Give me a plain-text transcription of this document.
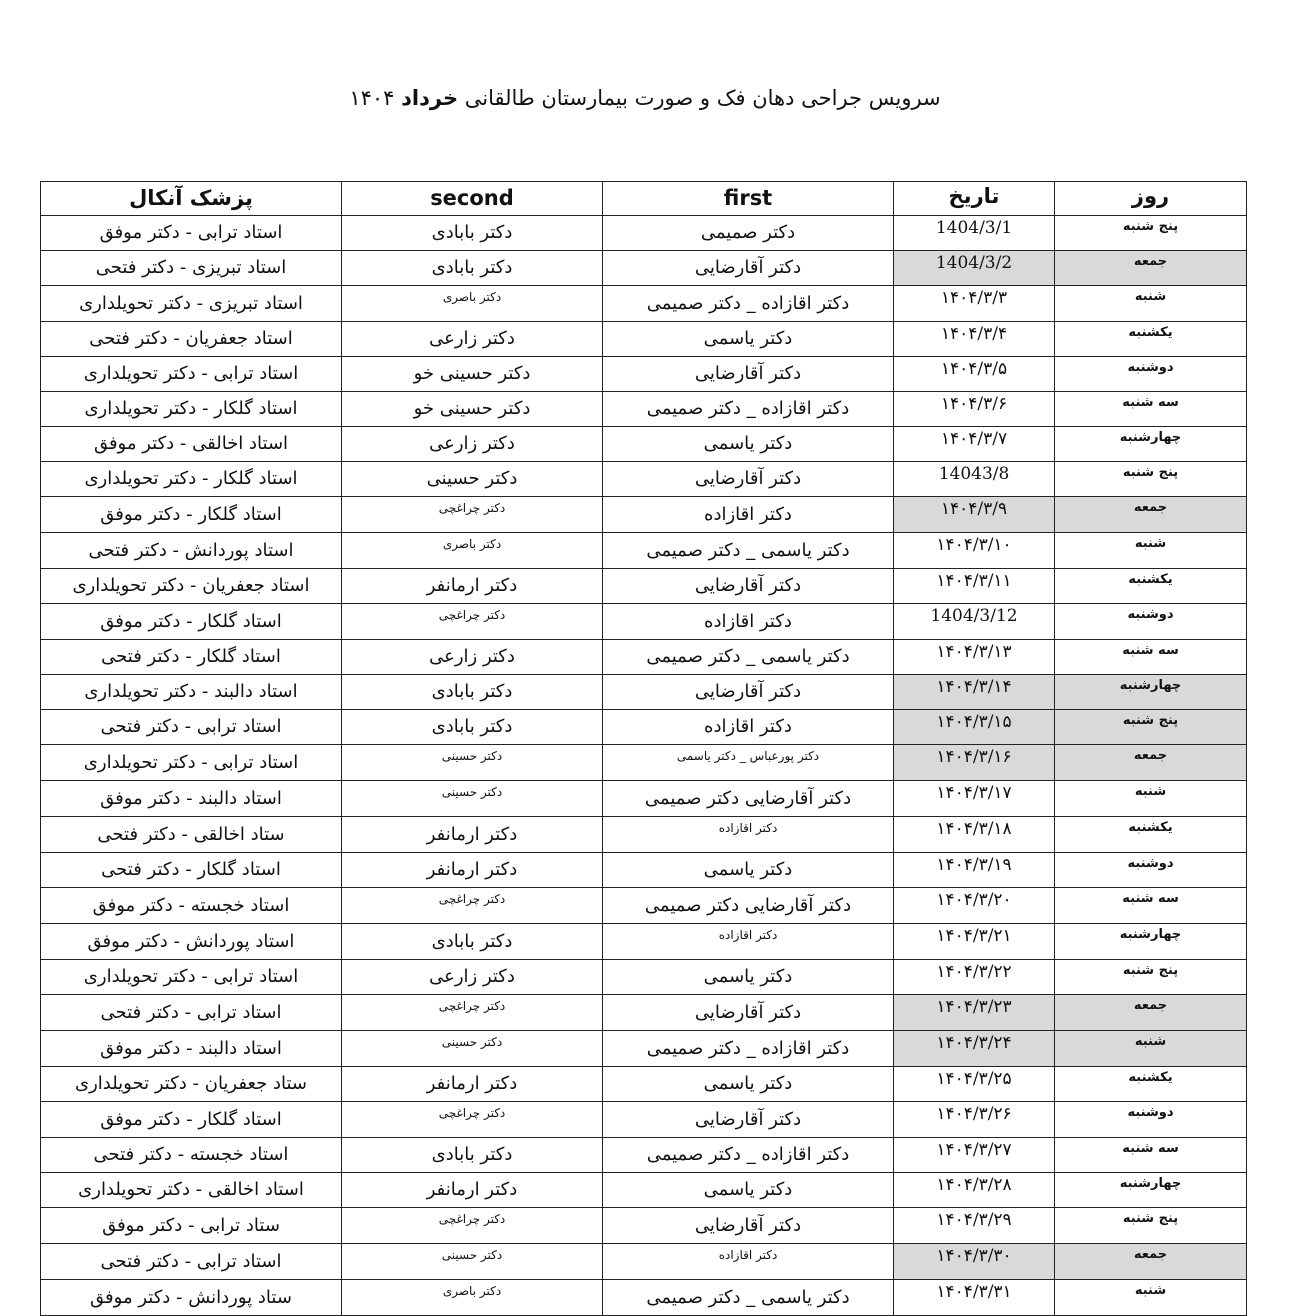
سرویس جراحی دهان فک و صورت بیمارستان طالقانی خرداد ۱۴۰۴
پزشک آنکال	second	first	تاریخ	روز
استاد ترابی - دکتر موفق	دکتر بابادی	دکتر صمیمی	1404/3/1	پنج شنبه
استاد تبریزی - دکتر فتحی	دکتر بابادی	دکتر آقارضایی	1404/3/2	جمعه
استاد تبریزی - دکتر تحویلداری	دکتر باصری	دکتر اقازاده _ دکتر صمیمی	۱۴۰۴/۳/۳	شنبه
استاد جعفریان - دکتر فتحی	دکتر زارعی	دکتر یاسمی	۱۴۰۴/۳/۴	یکشنبه
استاد ترابی - دکتر تحویلداری	دکتر حسینی خو	دکتر آقارضایی	۱۴۰۴/۳/۵	دوشنبه
استاد گلکار - دکتر تحویلداری	دکتر حسینی خو	دکتر اقازاده _ دکتر صمیمی	۱۴۰۴/۳/۶	سه شنبه
استاد اخالقی - دکتر موفق	دکتر زارعی	دکتر یاسمی	۱۴۰۴/۳/۷	چهارشنبه
استاد گلکار - دکتر تحویلداری	دکتر حسینی	دکتر آقارضایی	14043/8	پنج شنبه
استاد گلکار - دکتر موفق	دکتر چراغچی	دکتر اقازاده	۱۴۰۴/۳/۹	جمعه
استاد پوردانش - دکتر فتحی	دکتر باصری	دکتر یاسمی _ دکتر صمیمی	۱۴۰۴/۳/۱۰	شنبه
استاد جعفریان - دکتر تحویلداری	دکتر ارمانفر	دکتر آقارضایی	۱۴۰۴/۳/۱۱	یکشنبه
استاد گلکار - دکتر موفق	دکتر چراغچی	دکتر اقازاده	1404/3/12	دوشنبه
استاد گلکار - دکتر فتحی	دکتر زارعی	دکتر یاسمی _ دکتر صمیمی	۱۴۰۴/۳/۱۳	سه شنبه
استاد دالبند - دکتر تحویلداری	دکتر بابادی	دکتر آقارضایی	۱۴۰۴/۳/۱۴	چهارشنبه
استاد ترابی - دکتر فتحی	دکتر بابادی	دکتر اقازاده	۱۴۰۴/۳/۱۵	پنج شنبه
استاد ترابی - دکتر تحویلداری	دکتر حسینی	دکتر پورعباس _ دکتر یاسمی	۱۴۰۴/۳/۱۶	جمعه
استاد دالبند - دکتر موفق	دکتر حسینی	دکتر آقارضایی دکتر صمیمی	۱۴۰۴/۳/۱۷	شنبه
ستاد اخالقی - دکتر فتحی	دکتر ارمانفر	دکتر اقازاده	۱۴۰۴/۳/۱۸	یکشنبه
استاد گلکار - دکتر فتحی	دکتر ارمانفر	دکتر یاسمی	۱۴۰۴/۳/۱۹	دوشنبه
استاد خجسته - دکتر موفق	دکتر چراغچی	دکتر آقارضایی دکتر صمیمی	۱۴۰۴/۳/۲۰	سه شنبه
استاد پوردانش - دکتر موفق	دکتر بابادی	دکتر اقازاده	۱۴۰۴/۳/۲۱	چهارشنبه
استاد ترابی - دکتر تحویلداری	دکتر زارعی	دکتر یاسمی	۱۴۰۴/۳/۲۲	پنج شنبه
استاد ترابی - دکتر فتحی	دکتر چراغچی	دکتر آقارضایی	۱۴۰۴/۳/۲۳	جمعه
استاد دالبند - دکتر موفق	دکتر حسینی	دکتر اقازاده _ دکتر صمیمی	۱۴۰۴/۳/۲۴	شنبه
ستاد جعفریان - دکتر تحویلداری	دکتر ارمانفر	دکتر یاسمی	۱۴۰۴/۳/۲۵	یکشنبه
استاد گلکار - دکتر موفق	دکتر چراغچی	دکتر آقارضایی	۱۴۰۴/۳/۲۶	دوشنبه
استاد خجسته - دکتر فتحی	دکتر بابادی	دکتر اقازاده _ دکتر صمیمی	۱۴۰۴/۳/۲۷	سه شنبه
استاد اخالقی - دکتر تحویلداری	دکتر ارمانفر	دکتر یاسمی	۱۴۰۴/۳/۲۸	چهارشنبه
ستاد ترابی - دکتر موفق	دکتر چراغچی	دکتر آقارضایی	۱۴۰۴/۳/۲۹	پنج شنبه
استاد ترابی - دکتر فتحی	دکتر حسینی	دکتر اقازاده	۱۴۰۴/۳/۳۰	جمعه
ستاد پوردانش - دکتر موفق	دکتر باصری	دکتر یاسمی _ دکتر صمیمی	۱۴۰۴/۳/۳۱	شنبه
